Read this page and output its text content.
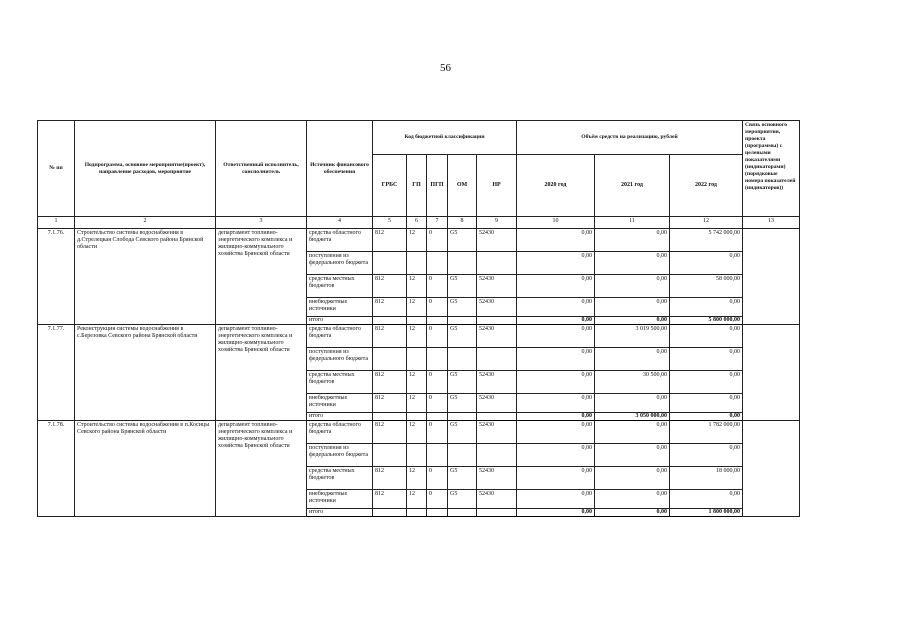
56
№ пп	Подпрограмма, основное мероприятие(проект), направление расходов, мероприятие	Ответственный исполнитель, соисполнитель	Источник финансового обеспечения	Код бюджетной классификации					Объём средств на реализацию, рублей			Связь основного мероприятия, проекта (программы) с целевыми показателями (индикаторами) (порядковые номера показателей (индикаторов))
				ГРБС	ГП	ПГП	ОМ	НР	2020 год	2021 год	2022 год	
1	2	3	4	5	6	7	8	9	10	11	12	13
7.1.76.	Строительство системы водоснабжения в д.Стрелецкая Слобода Севского района Брянской области	департамент топливно-энергетического комплекса и жилищно-коммунального хозяйства Брянской области	средства областного бюджета	812	12	0	G5	52430	0,00	0,00	5 742 000,00	
			поступления из федерального бюджета						0,00	0,00	0,00	
			средства местных бюджетов	812	12	0	G5	52430	0,00	0,00	58 000,00	
			внебюджетные источники	812	12	0	G5	52430	0,00	0,00	0,00	
			итого						0,00	0,00	5 800 000,00	
7.1.77.	Реконструкция системы водоснабжения в с.Березовка Севского района Брянской области	департамент топливно-энергетического комплекса и жилищно-коммунального хозяйства Брянской области	средства областного бюджета	812	12	0	G5	52430	0,00	3 019 500,00	0,00	
			поступления из федерального бюджета						0,00	0,00	0,00	
			средства местных бюджетов	812	12	0	G5	52430	0,00	30 500,00	0,00	
			внебюджетные источники	812	12	0	G5	52430	0,00	0,00	0,00	
			итого						0,00	3 050 000,00	0,00	
7.1.78.	Строительство системы водоснабжения в п.Косицы Севского района Брянской области	департамент топливно-энергетического комплекса и жилищно-коммунального хозяйства Брянской области	средства областного бюджета	812	12	0	G5	52430	0,00	0,00	1 782 000,00	
			поступления из федерального бюджета						0,00	0,00	0,00	
			средства местных бюджетов	812	12	0	G5	52430	0,00	0,00	18 000,00	
			внебюджетные источники	812	12	0	G5	52430	0,00	0,00	0,00	
			итого						0,00	0,00	1 800 000,00	
